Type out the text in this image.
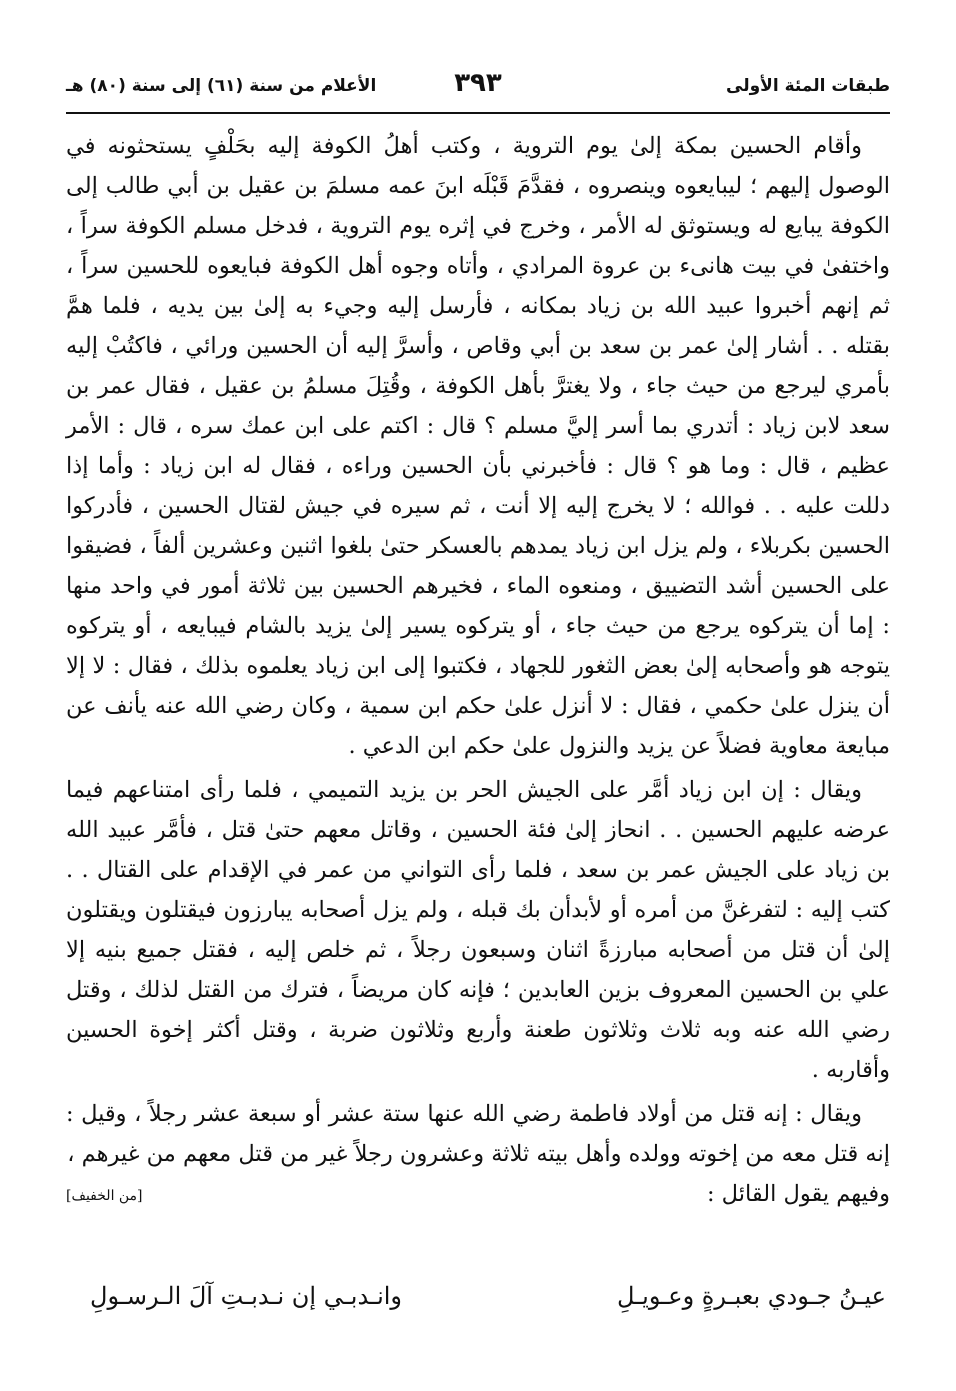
طبقات المئة الأولى
٣٩٣
الأعلام من سنة (٦١) إلى سنة (٨٠) هـ

وأقام الحسين بمكة إلىٰ يوم التروية ، وكتب أهلُ الكوفة إليه بحَلْفٍ يستحثونه في الوصول إليهم ؛ ليبايعوه وينصروه ، فقدَّمَ قَبْلَه ابنَ عمه مسلمَ بن عقيل بن أبي طالب إلى الكوفة يبايع له ويستوثق له الأمر ، وخرج في إثره يوم التروية ، فدخل مسلم الكوفة سراً ، واختفىٰ في بيت هانىء بن عروة المرادي ، وأتاه وجوه أهل الكوفة فبايعوه للحسين سراً ، ثم إنهم أخبروا عبيد الله بن زياد بمكانه ، فأرسل إليه وجيء به إلىٰ بين يديه ، فلما همَّ بقتله . . أشار إلىٰ عمر بن سعد بن أبي وقاص ، وأسرَّ إليه أن الحسين ورائي ، فاكتُبْ إليه بأمري ليرجع من حيث جاء ، ولا يغترَّ بأهل الكوفة ، وقُتِلَ مسلمُ بن عقيل ، فقال عمر بن سعد لابن زياد : أتدري بما أسر إليَّ مسلم ؟ قال : اكتم على ابن عمك سره ، قال : الأمر عظيم ، قال : وما هو ؟ قال : فأخبرني بأن الحسين وراءه ، فقال له ابن زياد : وأما إذا دللت عليه . . فوالله ؛ لا يخرج إليه إلا أنت ، ثم سيره في جيش لقتال الحسين ، فأدركوا الحسين بكربلاء ، ولم يزل ابن زياد يمدهم بالعسكر حتىٰ بلغوا اثنين وعشرين ألفاً ، فضيقوا على الحسين أشد التضييق ، ومنعوه الماء ، فخيرهم الحسين بين ثلاثة أمور في واحد منها : إما أن يتركوه يرجع من حيث جاء ، أو يتركوه يسير إلىٰ يزيد بالشام فيبايعه ، أو يتركوه يتوجه هو وأصحابه إلىٰ بعض الثغور للجهاد ، فكتبوا إلى ابن زياد يعلموه بذلك ، فقال : لا إلا أن ينزل علىٰ حكمي ، فقال : لا أنزل علىٰ حكم ابن سمية ، وكان رضي الله عنه يأنف عن مبايعة معاوية فضلاً عن يزيد والنزول علىٰ حكم ابن الدعي .

ويقال : إن ابن زياد أمَّر على الجيش الحر بن يزيد التميمي ، فلما رأى امتناعهم فيما عرضه عليهم الحسين . . انحاز إلىٰ فئة الحسين ، وقاتل معهم حتىٰ قتل ، فأمَّر عبيد الله بن زياد على الجيش عمر بن سعد ، فلما رأى التواني من عمر في الإقدام على القتال . . كتب إليه : لتفرغنَّ من أمره أو لأبدأن بك قبله ، ولم يزل أصحابه يبارزون فيقتلون ويقتلون إلىٰ أن قتل من أصحابه مبارزةً اثنان وسبعون رجلاً ، ثم خلص إليه ، فقتل جميع بنيه إلا علي بن الحسين المعروف بزين العابدين ؛ فإنه كان مريضاً ، فترك من القتل لذلك ، وقتل رضي الله عنه وبه ثلاث وثلاثون طعنة وأربع وثلاثون ضربة ، وقتل أكثر إخوة الحسين وأقاربه .

ويقال : إنه قتل من أولاد فاطمة رضي الله عنها ستة عشر أو سبعة عشر رجلاً ، وقيل : إنه قتل معه من إخوته وولده وأهل بيته ثلاثة وعشرون رجلاً غير من قتل معهم من غيرهم ،

وفيهم يقول القائل :
[من الخفيف]
عيـنُ جـودي بعبـرةٍ وعـويـلِ
وانـدبـي إن نـدبـتِ آلَ الـرسـولِ
